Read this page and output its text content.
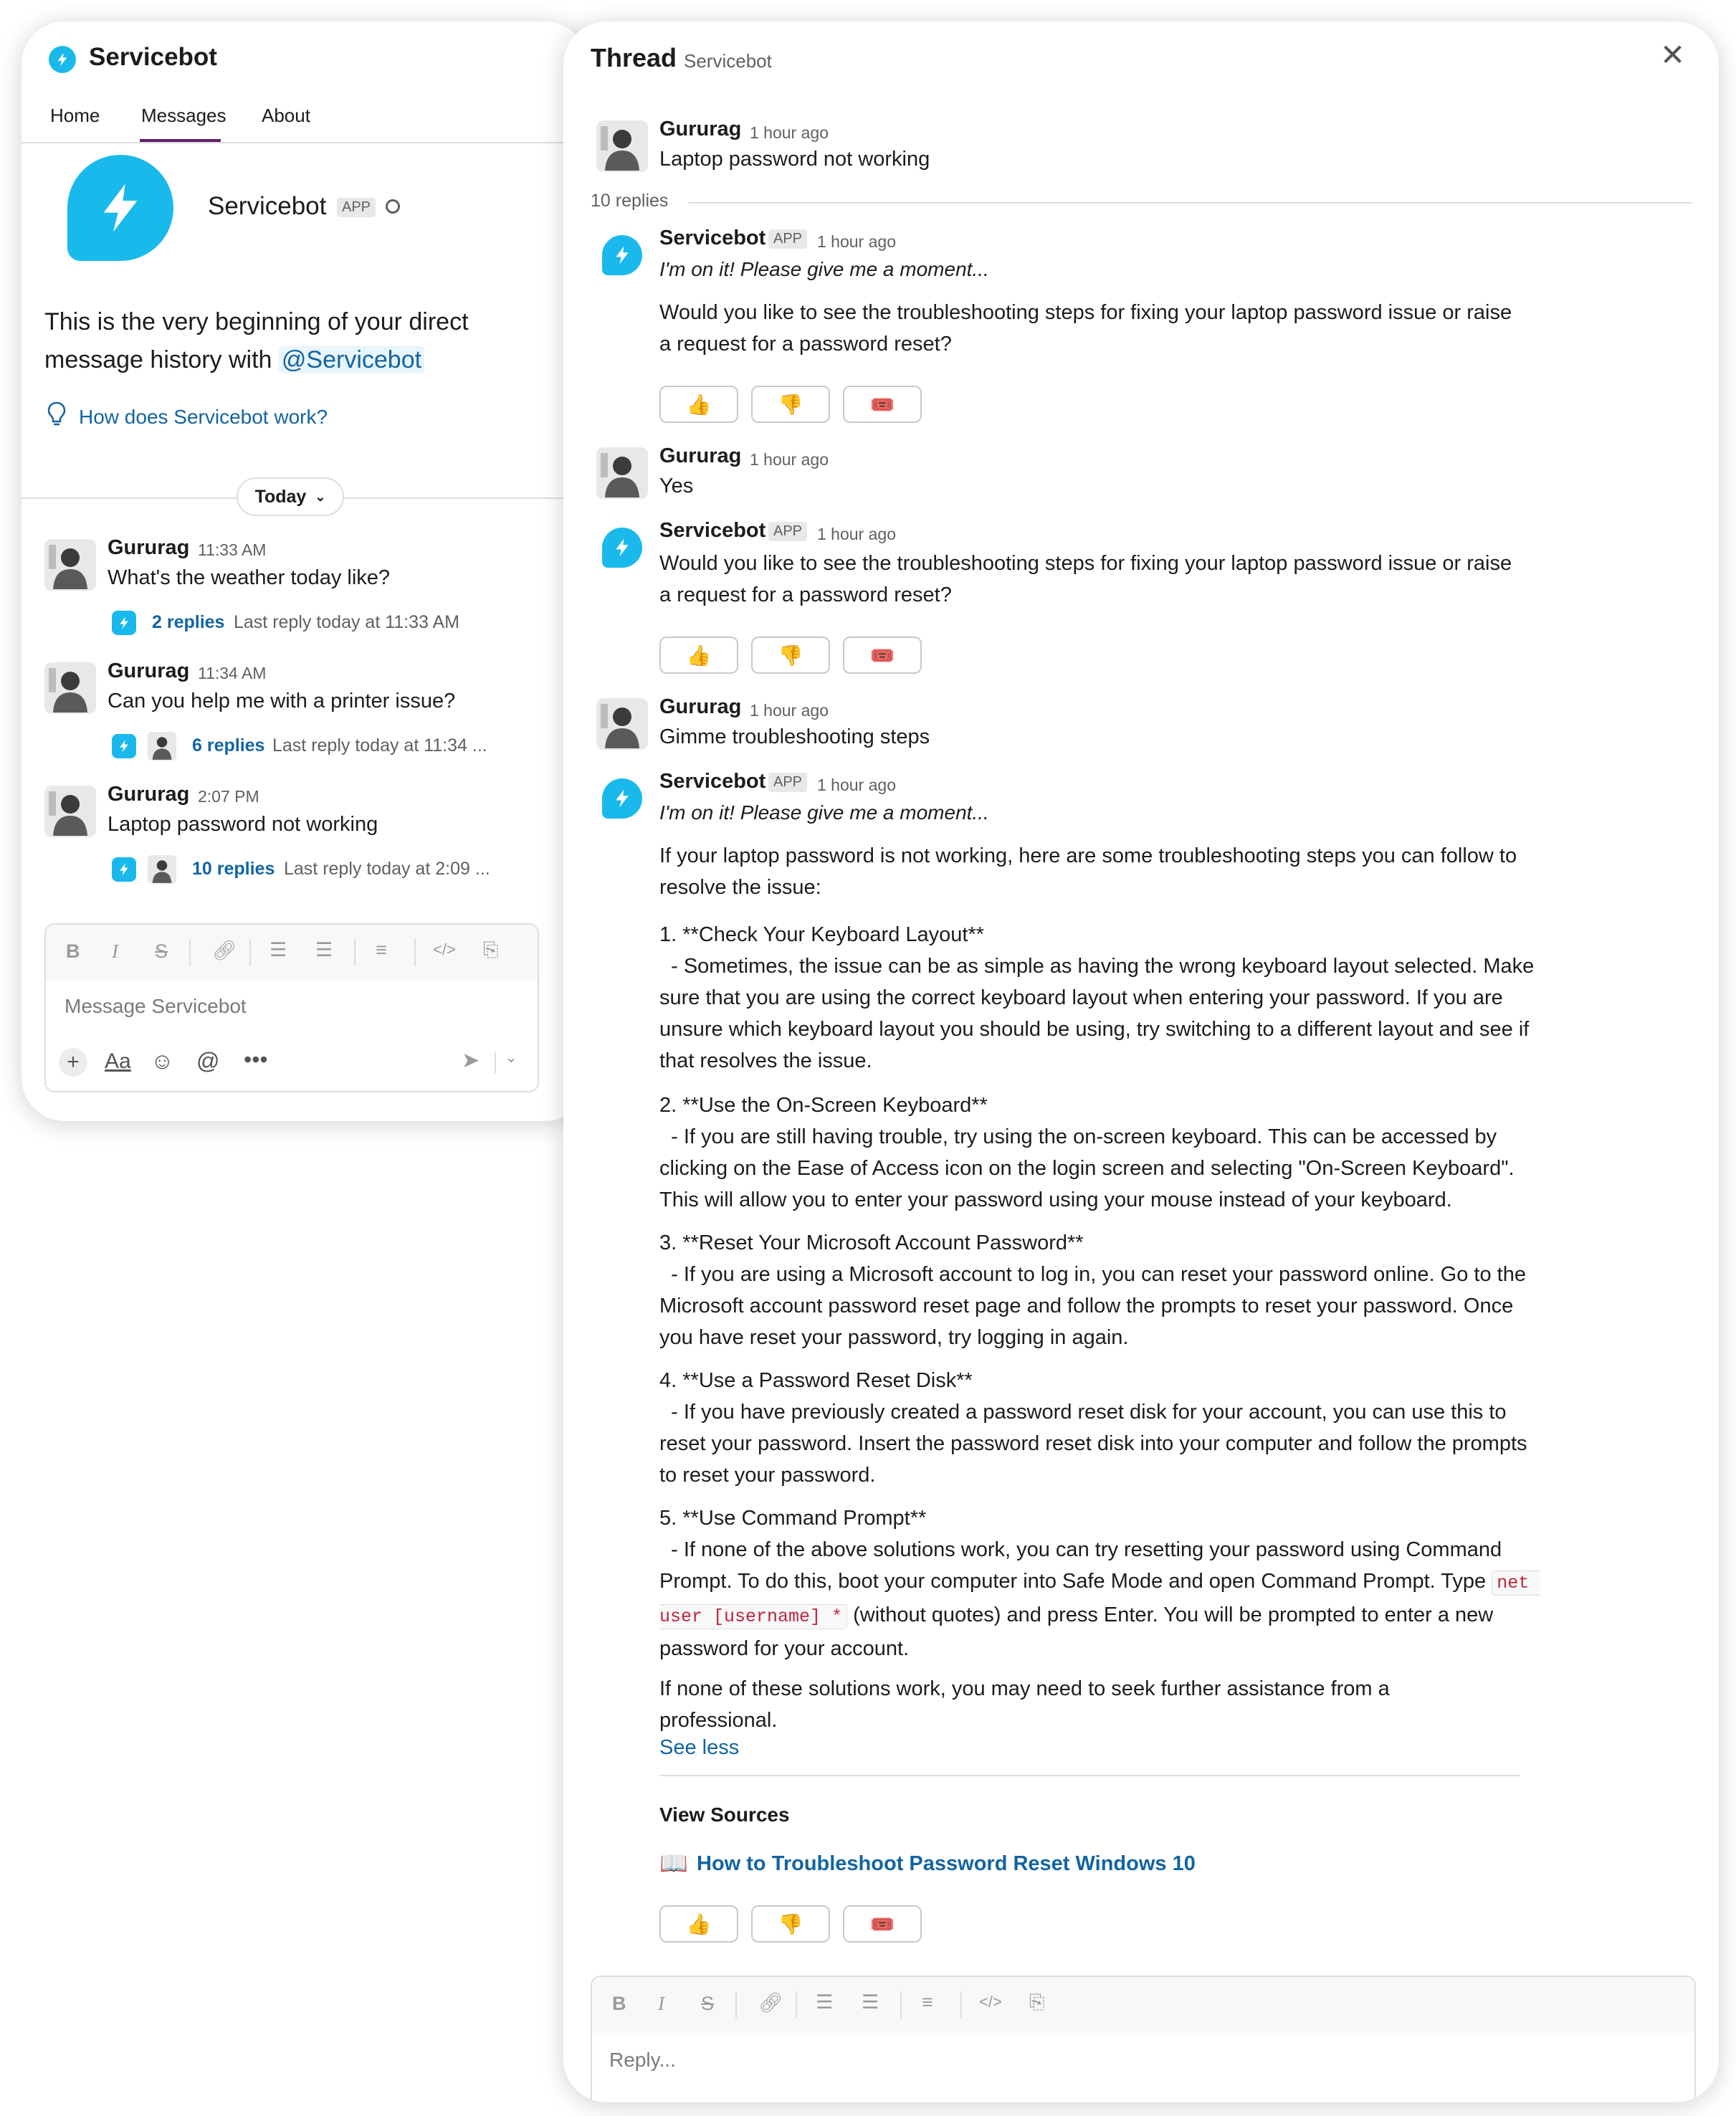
Servicebot
Home Messages About
Servicebot	APP
This is the very beginning of your direct message history with @Servicebot
How does Servicebot work?
Today ⌄
Gururag 11:33 AM
What's the weather today like?
2 replies Last reply today at 11:33 AM
Gururag 11:34 AM
Can you help me with a printer issue?
6 replies Last reply today at 11:34 ...
Gururag 2:07 PM
Laptop password not working
10 replies Last reply today at 2:09 ...
B I S 🔗︎ ☰ ☰ ≡	</> ⎘
Message Servicebot
+	Aa ☺ @ •••	➤ ⌄
Thread Servicebot	✕
Gururag 1 hour ago
Laptop password not working
10 replies
Servicebot APP 1 hour ago
I'm on it! Please give me a moment...
Would you like to see the troubleshooting steps for fixing your laptop password issue or raise a request for a password reset?
👍	👎	🎟️
Gururag 1 hour ago
Yes
Servicebot APP 1 hour ago
Would you like to see the troubleshooting steps for fixing your laptop password issue or raise a request for a password reset?
👍	👎	🎟️
Gururag 1 hour ago
Gimme troubleshooting steps
Servicebot APP 1 hour ago
I'm on it! Please give me a moment...
If your laptop password is not working, here are some troubleshooting steps you can follow to resolve the issue:
1. **Check Your Keyboard Layout**
- Sometimes, the issue can be as simple as having the wrong keyboard layout selected. Make sure that you are using the correct keyboard layout when entering your password. If you are unsure which keyboard layout you should be using, try switching to a different layout and see if that resolves the issue.
2. **Use the On-Screen Keyboard**
- If you are still having trouble, try using the on-screen keyboard. This can be accessed by clicking on the Ease of Access icon on the login screen and selecting "On-Screen Keyboard". This will allow you to enter your password using your mouse instead of your keyboard.
3. **Reset Your Microsoft Account Password**
- If you are using a Microsoft account to log in, you can reset your password online. Go to the Microsoft account password reset page and follow the prompts to reset your password. Once you have reset your password, try logging in again.
4. **Use a Password Reset Disk**
- If you have previously created a password reset disk for your account, you can use this to reset your password. Insert the password reset disk into your computer and follow the prompts to reset your password.
5. **Use Command Prompt**
- If none of the above solutions work, you can try resetting your password using Command Prompt. To do this, boot your computer into Safe Mode and open Command Prompt. Type net user [username] * (without quotes) and press Enter. You will be prompted to enter a new password for your account.
If none of these solutions work, you may need to seek further assistance from a professional.
See less
View Sources
📖 How to Troubleshoot Password Reset Windows 10
👍	👎	🎟️
B I S 🔗︎ ☰ ☰ ≡	</> ⎘
Reply...
